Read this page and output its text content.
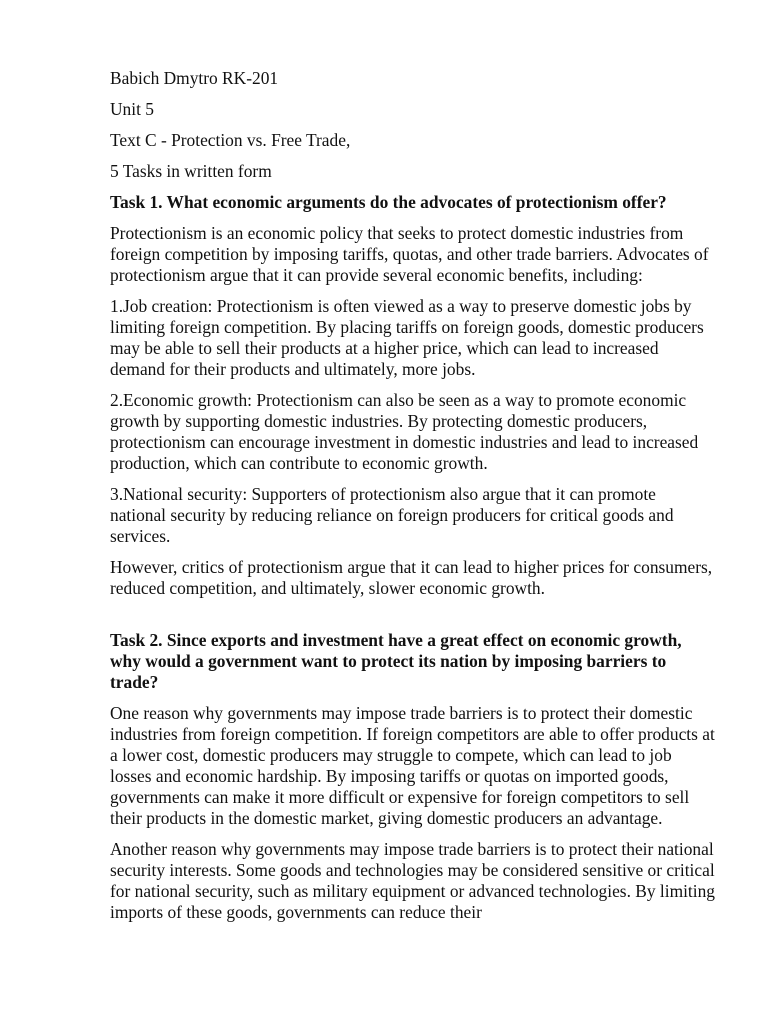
Babich Dmytro RK-201

Unit 5

Text C - Protection vs. Free Trade,

5 Tasks in written form

Task 1. What economic arguments do the advocates of protectionism offer?

Protectionism is an economic policy that seeks to protect domestic industries from foreign competition by imposing tariffs, quotas, and other trade barriers. Advocates of protectionism argue that it can provide several economic benefits, including:

1.Job creation: Protectionism is often viewed as a way to preserve domestic jobs by limiting foreign competition. By placing tariffs on foreign goods, domestic producers may be able to sell their products at a higher price, which can lead to increased demand for their products and ultimately, more jobs.

2.Economic growth: Protectionism can also be seen as a way to promote economic growth by supporting domestic industries. By protecting domestic producers, protectionism can encourage investment in domestic industries and lead to increased production, which can contribute to economic growth.

3.National security: Supporters of protectionism also argue that it can promote national security by reducing reliance on foreign producers for critical goods and services.

However, critics of protectionism argue that it can lead to higher prices for consumers, reduced competition, and ultimately, slower economic growth.

Task 2. Since exports and investment have a great effect on economic growth, why would a government want to protect its nation by imposing barriers to trade?

One reason why governments may impose trade barriers is to protect their domestic industries from foreign competition. If foreign competitors are able to offer products at a lower cost, domestic producers may struggle to compete, which can lead to job losses and economic hardship. By imposing tariffs or quotas on imported goods, governments can make it more difficult or expensive for foreign competitors to sell their products in the domestic market, giving domestic producers an advantage.

Another reason why governments may impose trade barriers is to protect their national security interests. Some goods and technologies may be considered sensitive or critical for national security, such as military equipment or advanced technologies. By limiting imports of these goods, governments can reduce their
